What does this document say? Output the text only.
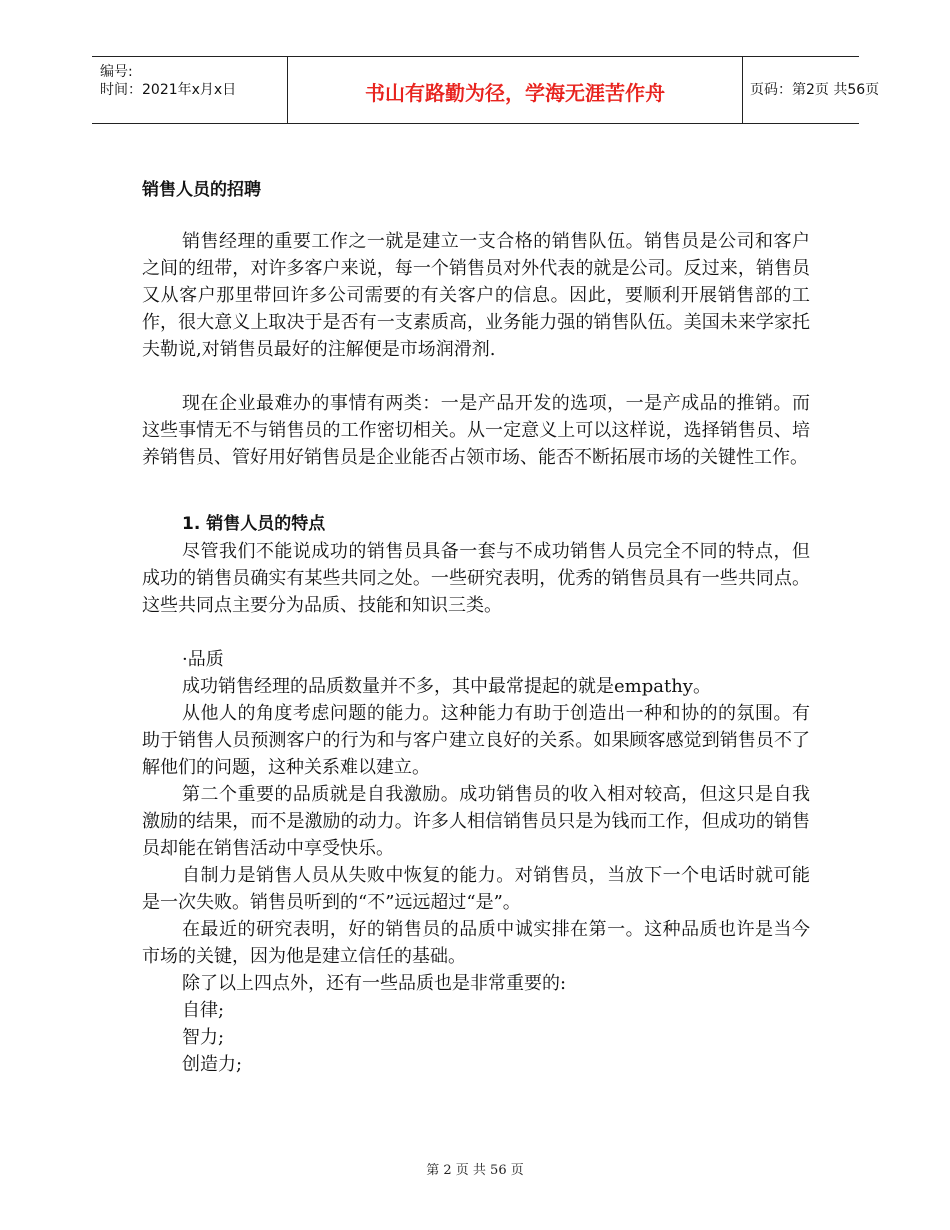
编号:
时间：2021年x月x日	书山有路勤为径，学海无涯苦作舟	页码：第2页 共56页
销售人员的招聘

销售经理的重要工作之一就是建立一支合格的销售队伍。销售员是公司和客户之间的纽带，对许多客户来说，每一个销售员对外代表的就是公司。反过来，销售员又从客户那里带回许多公司需要的有关客户的信息。因此，要顺利开展销售部的工作，很大意义上取决于是否有一支素质高，业务能力强的销售队伍。美国未来学家托夫勒说,对销售员最好的注解便是市场润滑剂.

现在企业最难办的事情有两类：一是产品开发的选项，一是产成品的推销。而这些事情无不与销售员的工作密切相关。从一定意义上可以这样说，选择销售员、培养销售员、管好用好销售员是企业能否占领市场、能否不断拓展市场的关键性工作。

1. 销售人员的特点

尽管我们不能说成功的销售员具备一套与不成功销售人员完全不同的特点，但成功的销售员确实有某些共同之处。一些研究表明，优秀的销售员具有一些共同点。这些共同点主要分为品质、技能和知识三类。

·品质

成功销售经理的品质数量并不多，其中最常提起的就是empathy。

从他人的角度考虑问题的能力。这种能力有助于创造出一种和协的的氛围。有助于销售人员预测客户的行为和与客户建立良好的关系。如果顾客感觉到销售员不了解他们的问题，这种关系难以建立。

第二个重要的品质就是自我激励。成功销售员的收入相对较高，但这只是自我激励的结果，而不是激励的动力。许多人相信销售员只是为钱而工作，但成功的销售员却能在销售活动中享受快乐。

自制力是销售人员从失败中恢复的能力。对销售员，当放下一个电话时就可能是一次失败。销售员听到的“不”远远超过“是”。

在最近的研究表明，好的销售员的品质中诚实排在第一。这种品质也许是当今市场的关键，因为他是建立信任的基础。

除了以上四点外，还有一些品质也是非常重要的:

自律;
智力;
创造力;
第 2 页 共 56 页
